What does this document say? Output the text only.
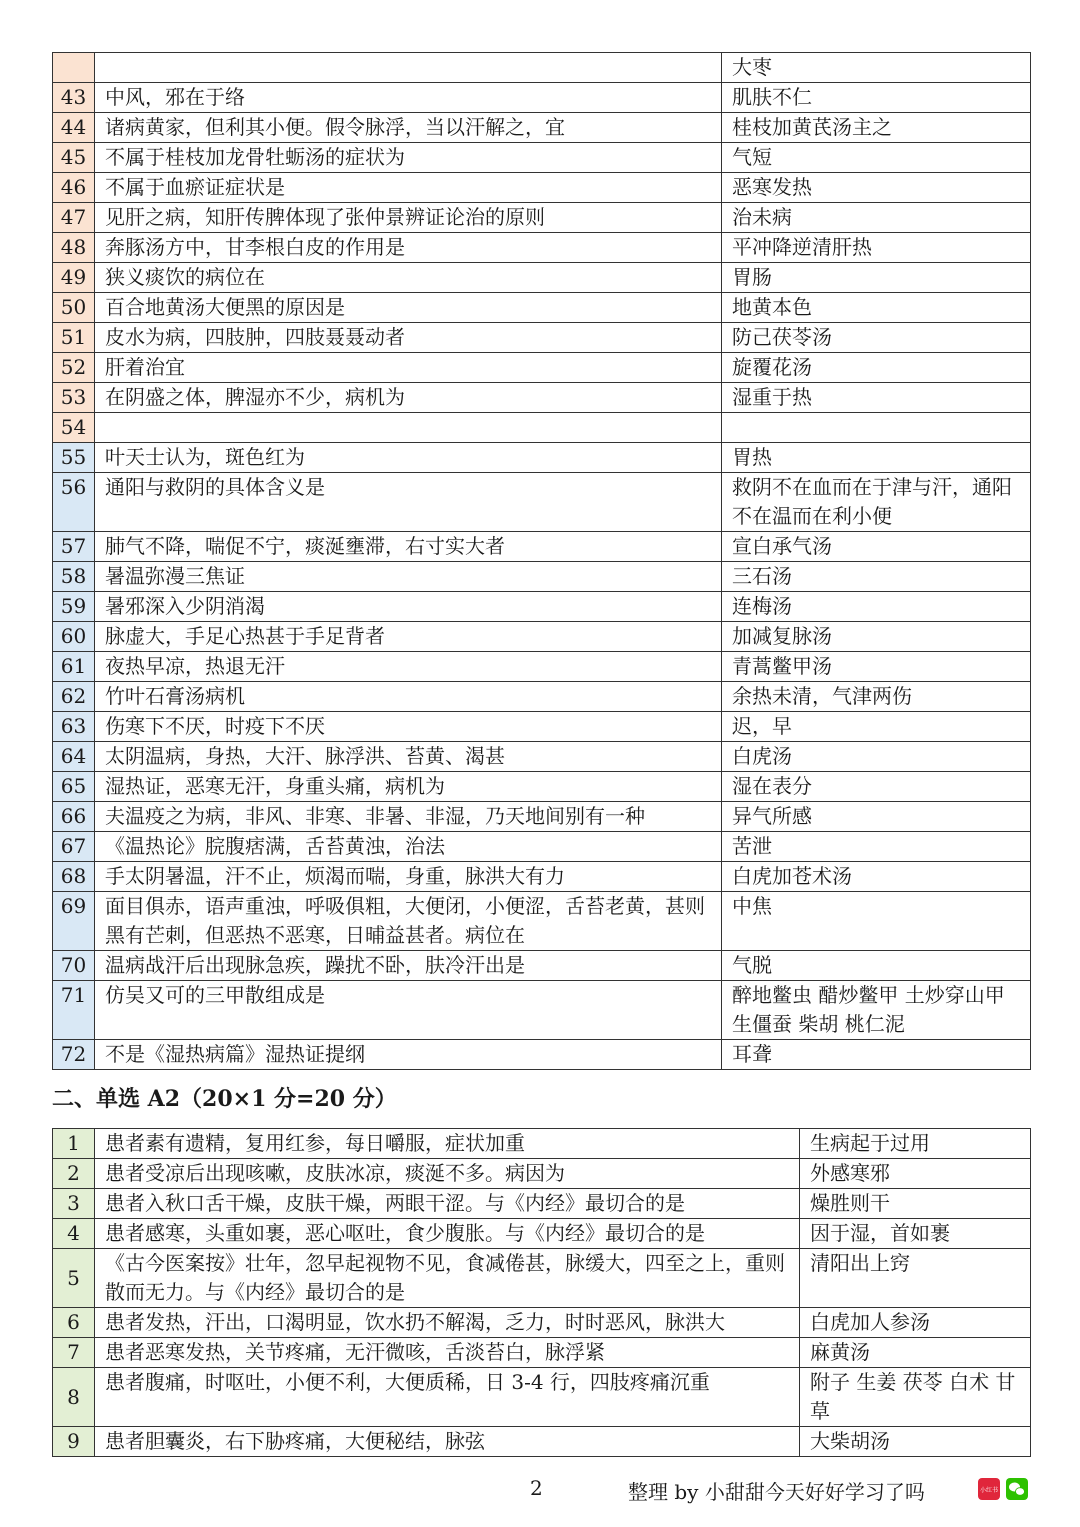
		大枣
43	中风，邪在于络	肌肤不仁
44	诸病黄家，但利其小便。假令脉浮，当以汗解之，宜	桂枝加黄芪汤主之
45	不属于桂枝加龙骨牡蛎汤的症状为	气短
46	不属于血瘀证症状是	恶寒发热
47	见肝之病，知肝传脾体现了张仲景辨证论治的原则	治未病
48	奔豚汤方中，甘李根白皮的作用是	平冲降逆清肝热
49	狭义痰饮的病位在	胃肠
50	百合地黄汤大便黑的原因是	地黄本色
51	皮水为病，四肢肿，四肢聂聂动者	防己茯苓汤
52	肝着治宜	旋覆花汤
53	在阴盛之体，脾湿亦不少，病机为	湿重于热
54		
55	叶天士认为，斑色红为	胃热
56	通阳与救阴的具体含义是	救阴不在血而在于津与汗，通阳不在温而在利小便
57	肺气不降，喘促不宁，痰涎壅滞，右寸实大者	宣白承气汤
58	暑温弥漫三焦证	三石汤
59	暑邪深入少阴消渴	连梅汤
60	脉虚大，手足心热甚于手足背者	加减复脉汤
61	夜热早凉，热退无汗	青蒿鳖甲汤
62	竹叶石膏汤病机	余热未清，气津两伤
63	伤寒下不厌，时疫下不厌	迟，早
64	太阴温病，身热，大汗、脉浮洪、苔黄、渴甚	白虎汤
65	湿热证，恶寒无汗，身重头痛，病机为	湿在表分
66	夫温疫之为病，非风、非寒、非暑、非湿，乃天地间别有一种	异气所感
67	《温热论》脘腹痞满，舌苔黄浊，治法	苦泄
68	手太阴暑温，汗不止，烦渴而喘，身重，脉洪大有力	白虎加苍术汤
69	面目俱赤，语声重浊，呼吸俱粗，大便闭，小便涩，舌苔老黄，甚则黑有芒刺，但恶热不恶寒，日晡益甚者。病位在	中焦
70	温病战汗后出现脉急疾，躁扰不卧，肤冷汗出是	气脱
71	仿吴又可的三甲散组成是	醉地鳖虫 醋炒鳖甲 土炒穿山甲 生僵蚕 柴胡 桃仁泥
72	不是《湿热病篇》湿热证提纲	耳聋
二、单选 A2（20×1 分=20 分）
1	患者素有遗精，复用红参，每日嚼服，症状加重	生病起于过用
2	患者受凉后出现咳嗽，皮肤冰凉，痰涎不多。病因为	外感寒邪
3	患者入秋口舌干燥，皮肤干燥，两眼干涩。与《内经》最切合的是	燥胜则干
4	患者感寒，头重如裹，恶心呕吐，食少腹胀。与《内经》最切合的是	因于湿，首如裹
5	《古今医案按》壮年，忽早起视物不见，食减倦甚，脉缓大，四至之上，重则散而无力。与《内经》最切合的是	清阳出上窍
6	患者发热，汗出，口渴明显，饮水扔不解渴，乏力，时时恶风，脉洪大	白虎加人参汤
7	患者恶寒发热，关节疼痛，无汗微咳，舌淡苔白，脉浮紧	麻黄汤
8	患者腹痛，时呕吐，小便不利，大便质稀，日 3-4 行，四肢疼痛沉重	附子 生姜 茯苓 白术 甘草
9	患者胆囊炎，右下胁疼痛，大便秘结，脉弦	大柴胡汤
2	整理 by 小甜甜今天好好学习了吗	小红书
